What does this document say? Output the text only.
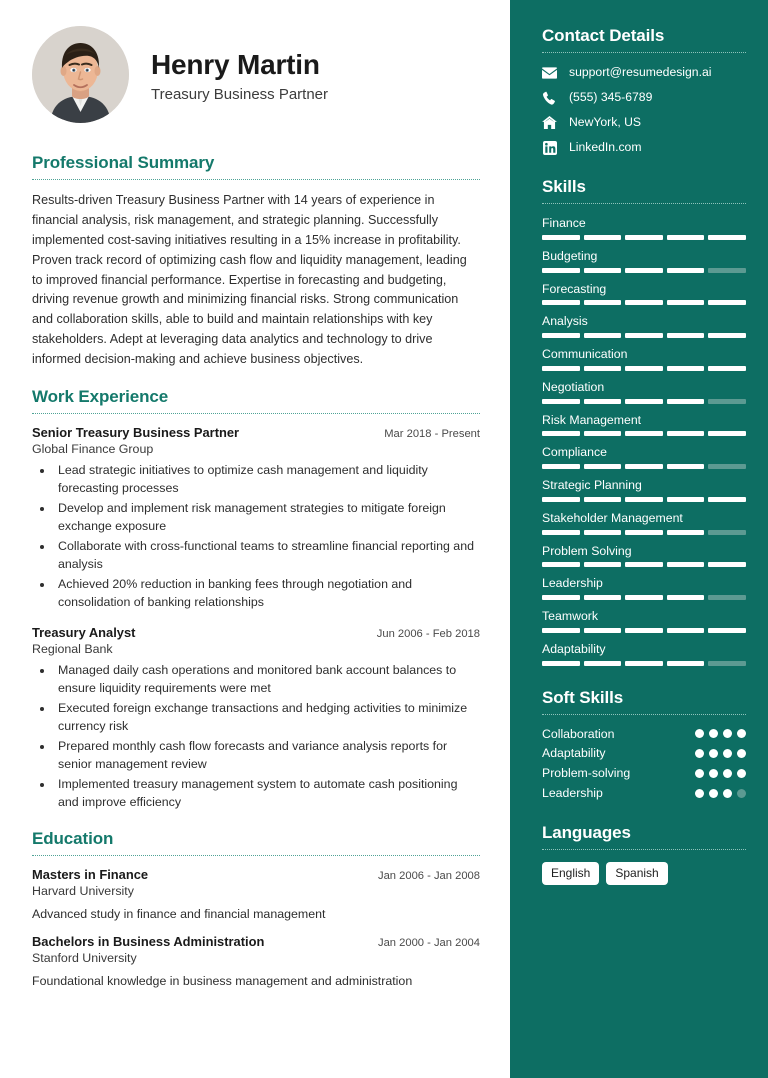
Henry Martin
Treasury Business Partner
Professional Summary

Results-driven Treasury Business Partner with 14 years of experience in financial analysis, risk management, and strategic planning. Successfully implemented cost-saving initiatives resulting in a 15% increase in profitability. Proven track record of optimizing cash flow and liquidity management, leading to improved financial performance. Expertise in forecasting and budgeting, driving revenue growth and minimizing financial risks. Strong communication and collaboration skills, able to build and maintain relationships with key stakeholders. Adept at leveraging data analytics and technology to drive informed decision-making and achieve business objectives.

Work Experience
Senior Treasury Business Partner	Mar 2018 - Present
Global Finance Group
• Lead strategic initiatives to optimize cash management and liquidity forecasting processes
• Develop and implement risk management strategies to mitigate foreign exchange exposure
• Collaborate with cross-functional teams to streamline financial reporting and analysis
• Achieved 20% reduction in banking fees through negotiation and consolidation of banking relationships
Treasury Analyst	Jun 2006 - Feb 2018
Regional Bank
• Managed daily cash operations and monitored bank account balances to ensure liquidity requirements were met
• Executed foreign exchange transactions and hedging activities to minimize currency risk
• Prepared monthly cash flow forecasts and variance analysis reports for senior management review
• Implemented treasury management system to automate cash positioning and improve efficiency
Education
Masters in Finance	Jan 2006 - Jan 2008
Harvard University
Advanced study in finance and financial management
Bachelors in Business Administration	Jan 2000 - Jan 2004
Stanford University
Foundational knowledge in business management and administration
Contact Details
support@resumedesign.ai
(555) 345-6789
NewYork, US
LinkedIn.com
Skills
Finance
Budgeting
Forecasting
Analysis
Communication
Negotiation
Risk Management
Compliance
Strategic Planning
Stakeholder Management
Problem Solving
Leadership
Teamwork
Adaptability
Soft Skills
Collaboration
Adaptability
Problem-solving
Leadership
Languages
English	Spanish
